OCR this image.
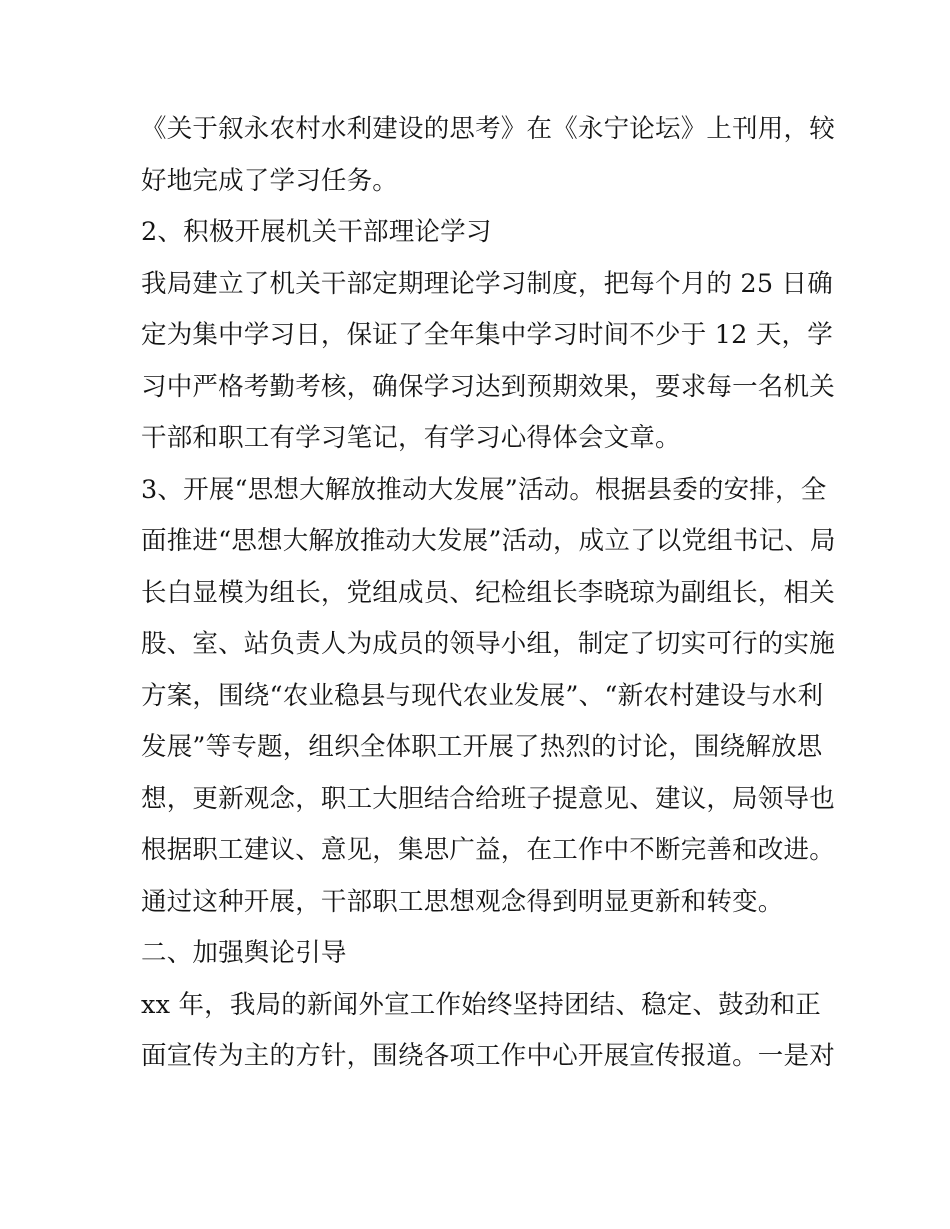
《关于叙永农村水利建设的思考》在《永宁论坛》上刊用，较
好地完成了学习任务。
2、积极开展机关干部理论学习
我局建立了机关干部定期理论学习制度，把每个月的 25 日确
定为集中学习日，保证了全年集中学习时间不少于 12 天，学
习中严格考勤考核，确保学习达到预期效果，要求每一名机关
干部和职工有学习笔记，有学习心得体会文章。
3、开展“思想大解放推动大发展”活动。根据县委的安排，全
面推进“思想大解放推动大发展”活动，成立了以党组书记、局
长白显模为组长，党组成员、纪检组长李晓琼为副组长，相关
股、室、站负责人为成员的领导小组，制定了切实可行的实施
方案，围绕“农业稳县与现代农业发展”、“新农村建设与水利
发展”等专题，组织全体职工开展了热烈的讨论，围绕解放思
想，更新观念，职工大胆结合给班子提意见、建议，局领导也
根据职工建议、意见，集思广益，在工作中不断完善和改进。
通过这种开展，干部职工思想观念得到明显更新和转变。
二、加强舆论引导
xx 年，我局的新闻外宣工作始终坚持团结、稳定、鼓劲和正
面宣传为主的方针，围绕各项工作中心开展宣传报道。一是对
